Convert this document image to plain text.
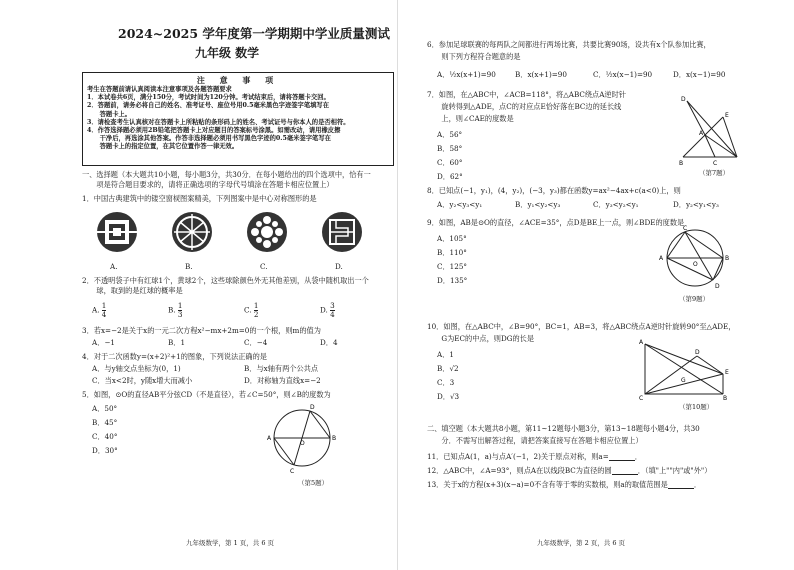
2024~2025 学年度第一学期期中学业质量测试
九年级 数学
注 意 事 项
考生在答题前请认真阅读本注意事项及各题答题要求
1．本试卷共6页，满分150分，考试时间为120分钟。考试结束后，请将答题卡交回。
2．答题前，请务必将自己的姓名、准考证号、座位号用0.5毫米黑色字迹签字笔填写在
　　答题卡上。
3．请检查考生认真核对在答题卡上所粘贴的条形码上的姓名、考试证号与你本人的是否相符。
4．作答选择题必须用2B铅笔把答题卡上对应题目的答案标号涂黑。如需改动，请用橡皮擦
　　干净后，再选涂其他答案。作答非选择题必须用书写黑色字迹的0.5毫米签字笔写在
　　答题卡上的指定位置，在其它位置作答一律无效。
一、选择题（本大题共10小题，每小题3分，共30分．在每小题给出的四个选项中，恰有一
　　项是符合题目要求的，请将正确选项的字母代号填涂在答题卡相应位置上）
1．中国古典建筑中的镂空窗棂图案精美，下列图案中是中心对称图形的是
A.	B.	C.	D.
2．不透明袋子中有红球1个，黄球2个，这些球除颜色外无其他差别，从袋中随机取出一个
　　球，取到的是红球的概率是
A. $\frac{1}{4}$	B. $\frac{1}{3}$	C. $\frac{1}{2}$	D. $\frac{3}{4}$
3．若x=−2是关于x的一元二次方程x²−mx+2m=0的一个根，则m的值为
A．−1	B．1	C．−4	D．4
4．对于二次函数y=(x+2)²+1的图象，下列说法正确的是
A．与y轴交点坐标为(0，1)	B．与x轴有两个公共点
C．当x<2时，y随x增大而减小	D．对称轴为直线x=−2
5．如图，⊙O的直径AB平分弦CD（不是直径），若∠C=50°，则∠B的度数为
A．50°
B．45°
C．40°
D．30°
A	B
D
C
O
（第5题）
九年级数学，第 1 页，共 6 页
6．参加足球联赛的每两队之间都进行两场比赛，共要比赛90场，设共有x个队参加比赛，
　　则下列方程符合题意的是
A．½x(x+1)=90	B．x(x+1)=90	C．½x(x−1)=90	D．x(x−1)=90
7．如图，在△ABC中，∠ACB=118°，将△ABC绕点A逆时针
　　旋转得到△ADE，点C的对应点E恰好落在BC边的延长线
　　上，则∠CAE的度数是
A．56°
B．58°
C．60°
D．62°
D
E
A
B	C
（第7题）
8．已知点(−1，y₁)，(4，y₂)，(−3，y₃)都在函数y=ax²−4ax+c(a<0)上，则
A．y₂<y₃<y₁	B．y₁<y₂<y₃	C．y₃<y₂<y₁	D．y₂<y₁<y₃
9．如图，AB是⊙O的直径，∠ACE=35°，点D是BE上一点，则∠BDE的度数是
A．105°
B．110°
C．125°
D．135°
A	B
C
D
O
（第9题）
10．如图，在△ABC中，∠B=90°，BC=1，AB=3，将△ABC绕点A逆时针旋转90°至△ADE，
　　G为EC的中点，则DG的长是
A．1
B．√2
C．3
D．√3
A
C	B
E
D
G
（第10题）
二、填空题（本大题共8小题，第11~12题每小题3分，第13~18题每小题4分，共30
　　分．不需写出解答过程，请把答案直接写在答题卡相应位置上）
11．已知点A(1，a)与点A′(−1，2)关于原点对称，则a=	．
12．△ABC中，∠A=93°，则点A在以线段BC为直径的圆	．（填"上""内"或"外"）
13．关于x的方程(x+3)(x−a)=0不含有等于零的实数根，则a的取值范围是	．
九年级数学，第 2 页，共 6 页
